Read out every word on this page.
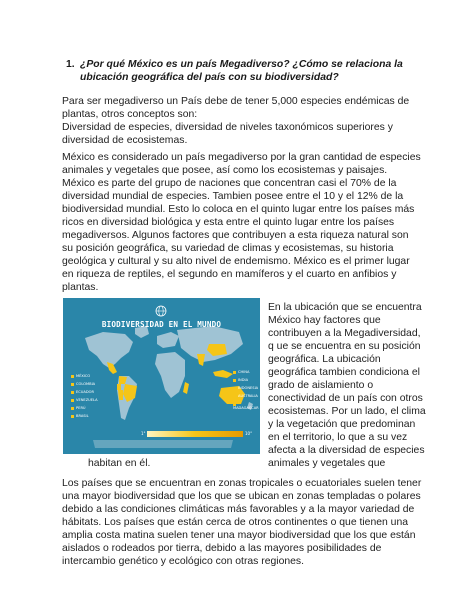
1. ¿Por qué México es un país Megadiverso? ¿Cómo se relaciona la ubicación geográfica del país con su biodiversidad?
Para ser megadiverso un País debe de tener 5,000 especies endémicas de plantas, otros conceptos son:
Diversidad de especies, diversidad de niveles taxonómicos superiores y diversidad de ecosistemas.
México es considerado un país megadiverso por la gran cantidad de especies animales y vegetales que posee, así como los ecosistemas y paisajes. México es parte del grupo de naciones que concentran casi el 70% de la diversidad mundial de especies. Tambien posee entre el 10 y el 12% de la biodiversidad mundial. Esto lo coloca en el quinto lugar entre los países más ricos en diversidad biológica y esta entre el quinto lugar entre los países megadiversos. Algunos factores que contribuyen a esta riqueza natural son su posición geográfica, su variedad de climas y ecosistemas, su historia geológica y cultural y su alto nivel de endemismo. México es el primer lugar en riqueza de reptiles, el segundo en mamíferos y el cuarto en anfibios y plantas.
BIODIVERSIDAD EN EL MUNDO
MÉXICO
COLOMBIA
ECUADOR
VENEZUELA
PERÚ
BRASIL
CHINA
INDIA
INDONESIA
AUSTRALIA
MADAGASCAR
1°	10°
En la ubicación que se encuentra México hay factores que contribuyen a la Megadiversidad, q ue se encuentra en su posición geográfica. La ubicación geográfica tambien condiciona el grado de aislamiento o conectividad de un país con otros ecosistemas. Por un lado, el clima y la vegetación que predominan en el territorio, lo que a su vez afecta a la diversidad de especies animales y vegetales que
habitan en él.
Los países que se encuentran en zonas tropicales o ecuatoriales suelen tener una mayor biodiversidad que los que se ubican en zonas templadas o polares debido a las condiciones climáticas más favorables y a la mayor variedad de hábitats. Los países que están cerca de otros continentes o que tienen una amplia costa matina suelen tener una mayor biodiversidad que los que están aislados o rodeados por tierra, debido a las mayores posibilidades de intercambio genético y ecológico con otras regiones.
